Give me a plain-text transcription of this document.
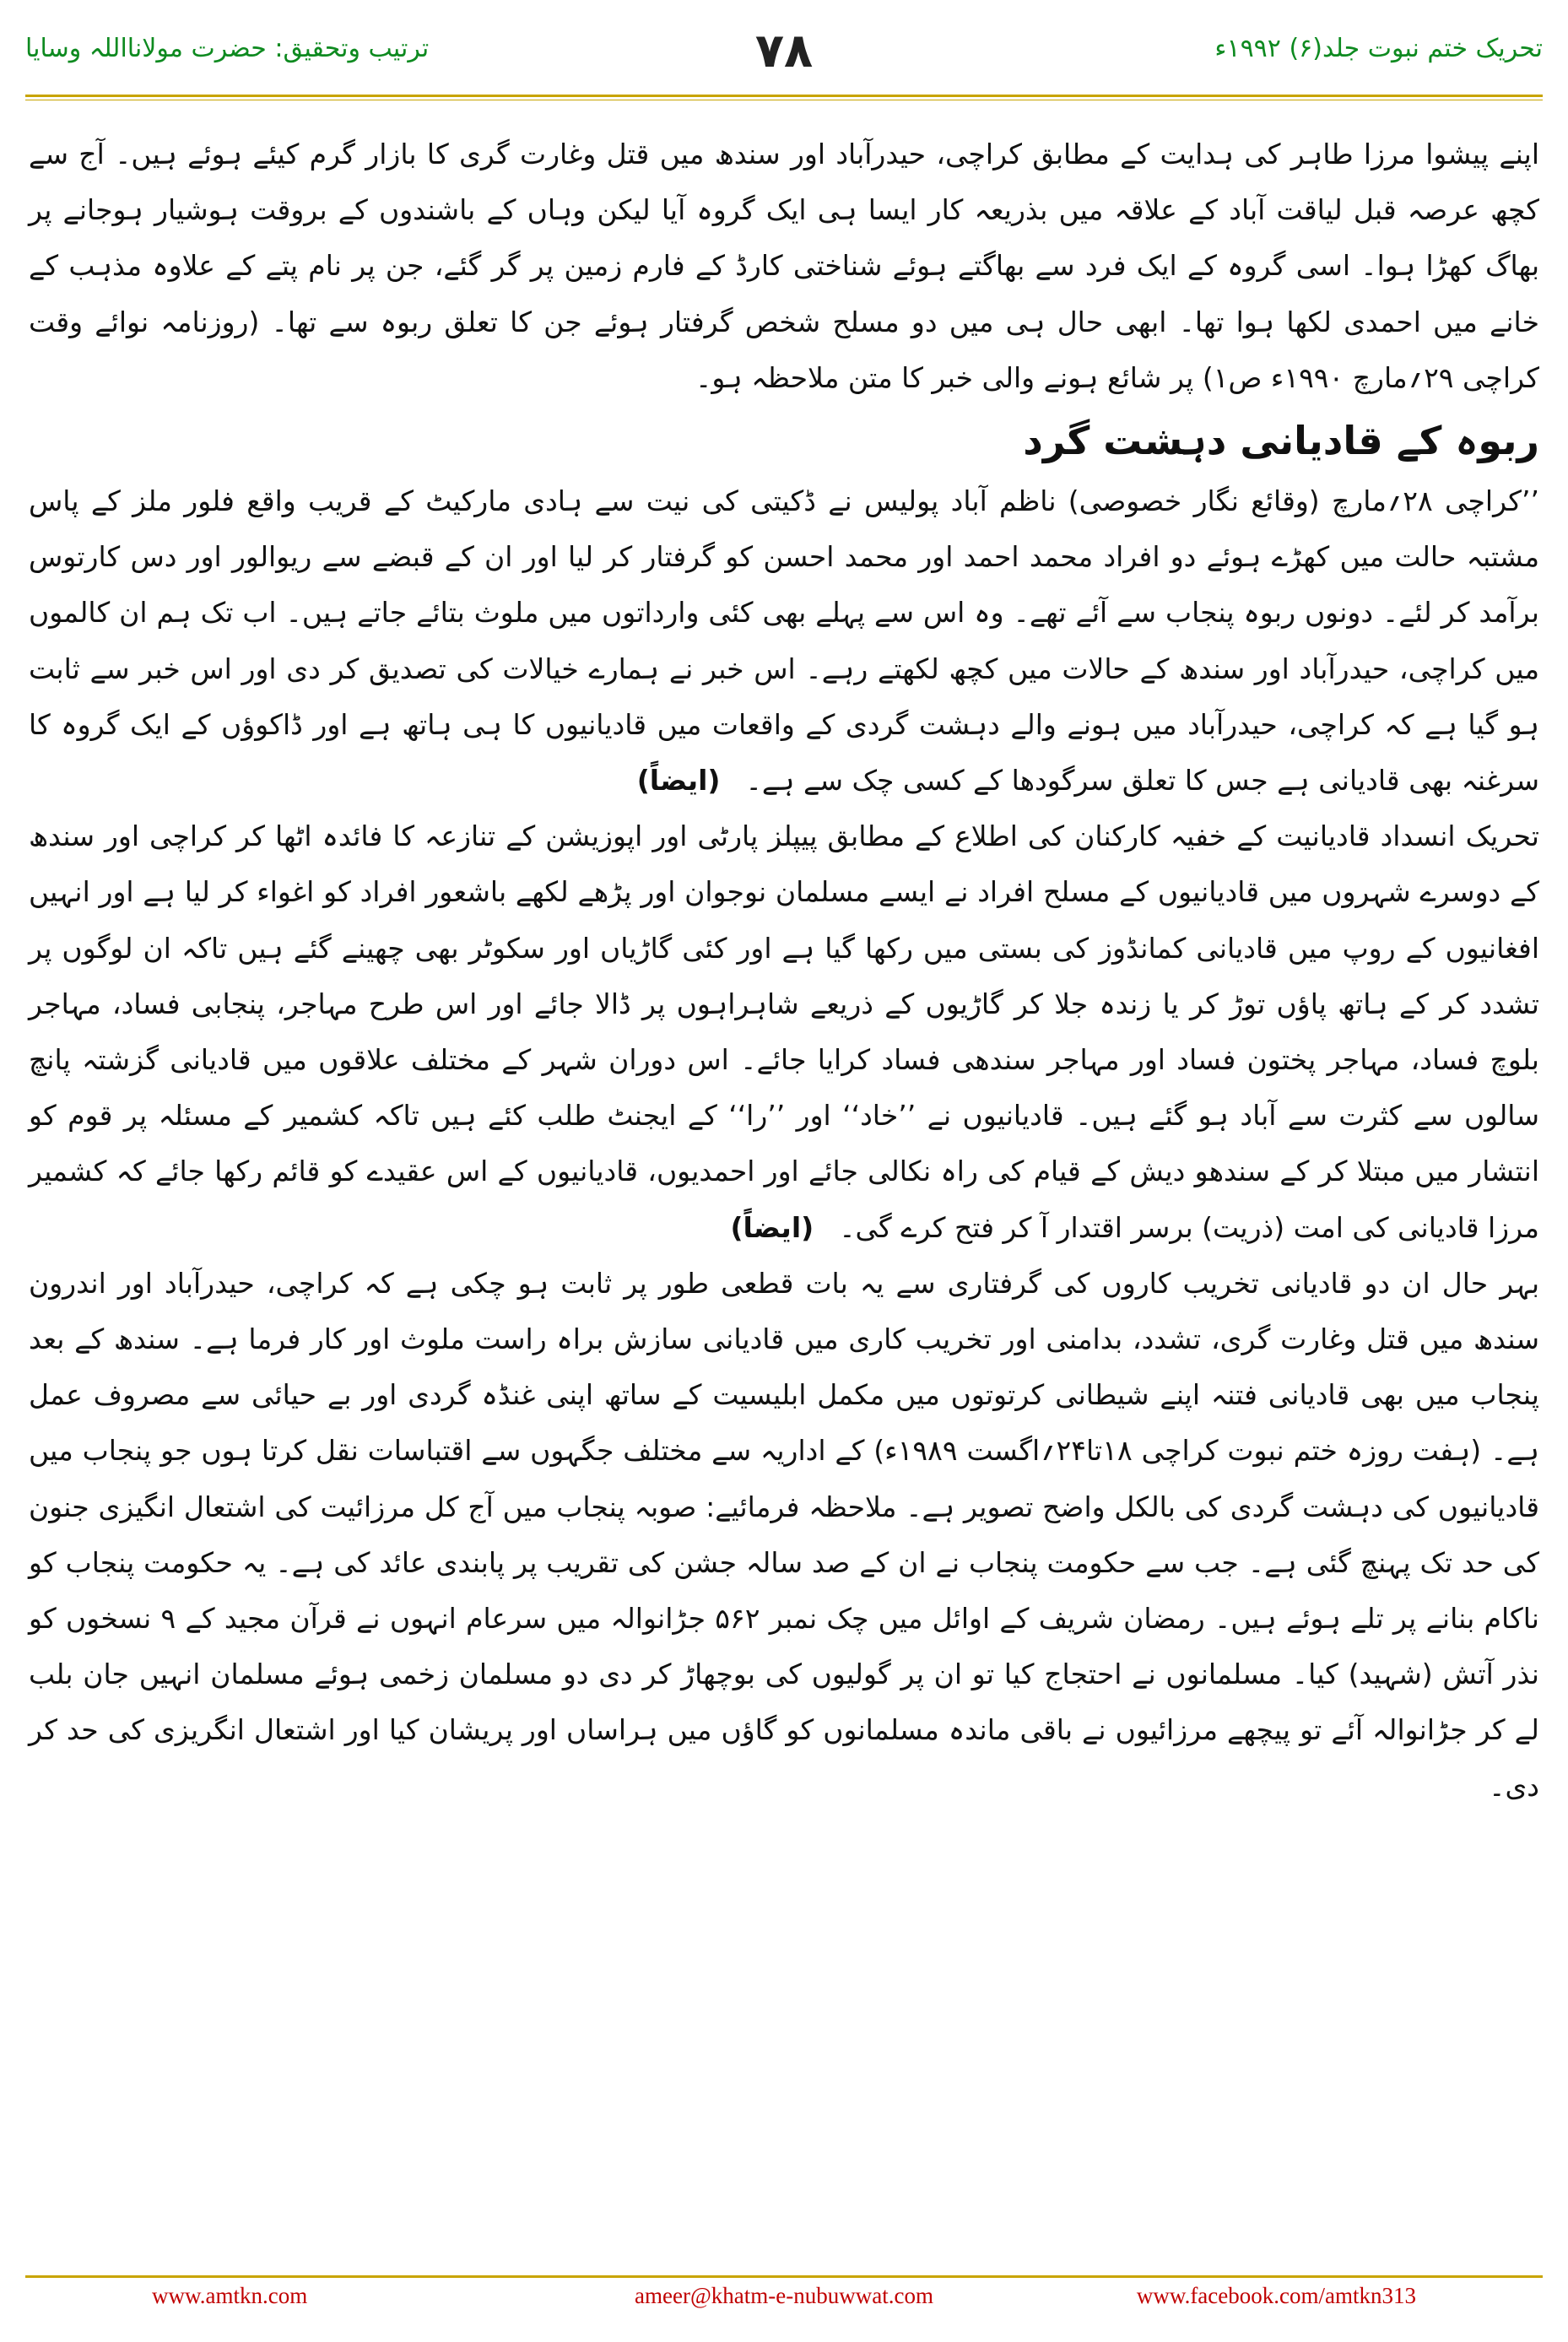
تحریک ختم نبوت جلد(۶) ۱۹۹۲ء
۷۸
ترتیب وتحقیق: حضرت مولانااللہ وسایا

اپنے پیشوا مرزا طاہر کی ہدایت کے مطابق کراچی، حیدرآباد اور سندھ میں قتل وغارت گری کا بازار گرم کیئے ہوئے ہیں۔ آج سے کچھ عرصہ قبل لیاقت آباد کے علاقہ میں بذریعہ کار ایسا ہی ایک گروہ آیا لیکن وہاں کے باشندوں کے بروقت ہوشیار ہوجانے پر بھاگ کھڑا ہوا۔ اسی گروہ کے ایک فرد سے بھاگتے ہوئے شناختی کارڈ کے فارم زمین پر گر گئے، جن پر نام پتے کے علاوہ مذہب کے خانے میں احمدی لکھا ہوا تھا۔ ابھی حال ہی میں دو مسلح شخص گرفتار ہوئے جن کا تعلق ربوہ سے تھا۔ (روزنامہ نوائے وقت کراچی ۲۹؍مارچ ۱۹۹۰ء ص۱) پر شائع ہونے والی خبر کا متن ملاحظہ ہو۔

ربوہ کے قادیانی دہشت گرد

’’کراچی ۲۸؍مارچ (وقائع نگار خصوصی) ناظم آباد پولیس نے ڈکیتی کی نیت سے ہادی مارکیٹ کے قریب واقع فلور ملز کے پاس مشتبہ حالت میں کھڑے ہوئے دو افراد محمد احمد اور محمد احسن کو گرفتار کر لیا اور ان کے قبضے سے ریوالور اور دس کارتوس برآمد کر لئے۔ دونوں ربوہ پنجاب سے آئے تھے۔ وہ اس سے پہلے بھی کئی وارداتوں میں ملوث بتائے جاتے ہیں۔ اب تک ہم ان کالموں میں کراچی، حیدرآباد اور سندھ کے حالات میں کچھ لکھتے رہے۔ اس خبر نے ہمارے خیالات کی تصدیق کر دی اور اس خبر سے ثابت ہو گیا ہے کہ کراچی، حیدرآباد میں ہونے والے دہشت گردی کے واقعات میں قادیانیوں کا ہی ہاتھ ہے اور ڈاکوؤں کے ایک گروہ کا سرغنہ بھی قادیانی ہے جس کا تعلق سرگودھا کے کسی چک سے ہے۔(ایضاً)

تحریک انسداد قادیانیت کے خفیہ کارکنان کی اطلاع کے مطابق پیپلز پارٹی اور اپوزیشن کے تنازعہ کا فائدہ اٹھا کر کراچی اور سندھ کے دوسرے شہروں میں قادیانیوں کے مسلح افراد نے ایسے مسلمان نوجوان اور پڑھے لکھے باشعور افراد کو اغواء کر لیا ہے اور انہیں افغانیوں کے روپ میں قادیانی کمانڈوز کی بستی میں رکھا گیا ہے اور کئی گاڑیاں اور سکوٹر بھی چھینے گئے ہیں تاکہ ان لوگوں پر تشدد کر کے ہاتھ پاؤں توڑ کر یا زندہ جلا کر گاڑیوں کے ذریعے شاہراہوں پر ڈالا جائے اور اس طرح مہاجر، پنجابی فساد، مہاجر بلوچ فساد، مہاجر پختون فساد اور مہاجر سندھی فساد کرایا جائے۔ اس دوران شہر کے مختلف علاقوں میں قادیانی گزشتہ پانچ سالوں سے کثرت سے آباد ہو گئے ہیں۔ قادیانیوں نے ’’خاد‘‘ اور ’’را‘‘ کے ایجنٹ طلب کئے ہیں تاکہ کشمیر کے مسئلہ پر قوم کو انتشار میں مبتلا کر کے سندھو دیش کے قیام کی راہ نکالی جائے اور احمدیوں، قادیانیوں کے اس عقیدے کو قائم رکھا جائے کہ کشمیر مرزا قادیانی کی امت (ذریت) برسر اقتدار آ کر فتح کرے گی۔(ایضاً)

بہر حال ان دو قادیانی تخریب کاروں کی گرفتاری سے یہ بات قطعی طور پر ثابت ہو چکی ہے کہ کراچی، حیدرآباد اور اندرون سندھ میں قتل وغارت گری، تشدد، بدامنی اور تخریب کاری میں قادیانی سازش براہ راست ملوث اور کار فرما ہے۔ سندھ کے بعد پنجاب میں بھی قادیانی فتنہ اپنے شیطانی کرتوتوں میں مکمل ابلیسیت کے ساتھ اپنی غنڈہ گردی اور بے حیائی سے مصروف عمل ہے۔ (ہفت روزہ ختم نبوت کراچی ۱۸تا۲۴؍اگست ۱۹۸۹ء) کے اداریہ سے مختلف جگہوں سے اقتباسات نقل کرتا ہوں جو پنجاب میں قادیانیوں کی دہشت گردی کی بالکل واضح تصویر ہے۔ ملاحظہ فرمائیے: صوبہ پنجاب میں آج کل مرزائیت کی اشتعال انگیزی جنون کی حد تک پہنچ گئی ہے۔ جب سے حکومت پنجاب نے ان کے صد سالہ جشن کی تقریب پر پابندی عائد کی ہے۔ یہ حکومت پنجاب کو ناکام بنانے پر تلے ہوئے ہیں۔ رمضان شریف کے اوائل میں چک نمبر ۵۶۲ جڑانوالہ میں سرعام انہوں نے قرآن مجید کے ۹ نسخوں کو نذر آتش (شہید) کیا۔ مسلمانوں نے احتجاج کیا تو ان پر گولیوں کی بوچھاڑ کر دی دو مسلمان زخمی ہوئے مسلمان انہیں جان بلب لے کر جڑانوالہ آئے تو پیچھے مرزائیوں نے باقی ماندہ مسلمانوں کو گاؤں میں ہراساں اور پریشان کیا اور اشتعال انگریزی کی حد کر دی۔

www.amtkn.com	ameer@khatm-e-nubuwwat.com	www.facebook.com/amtkn313
